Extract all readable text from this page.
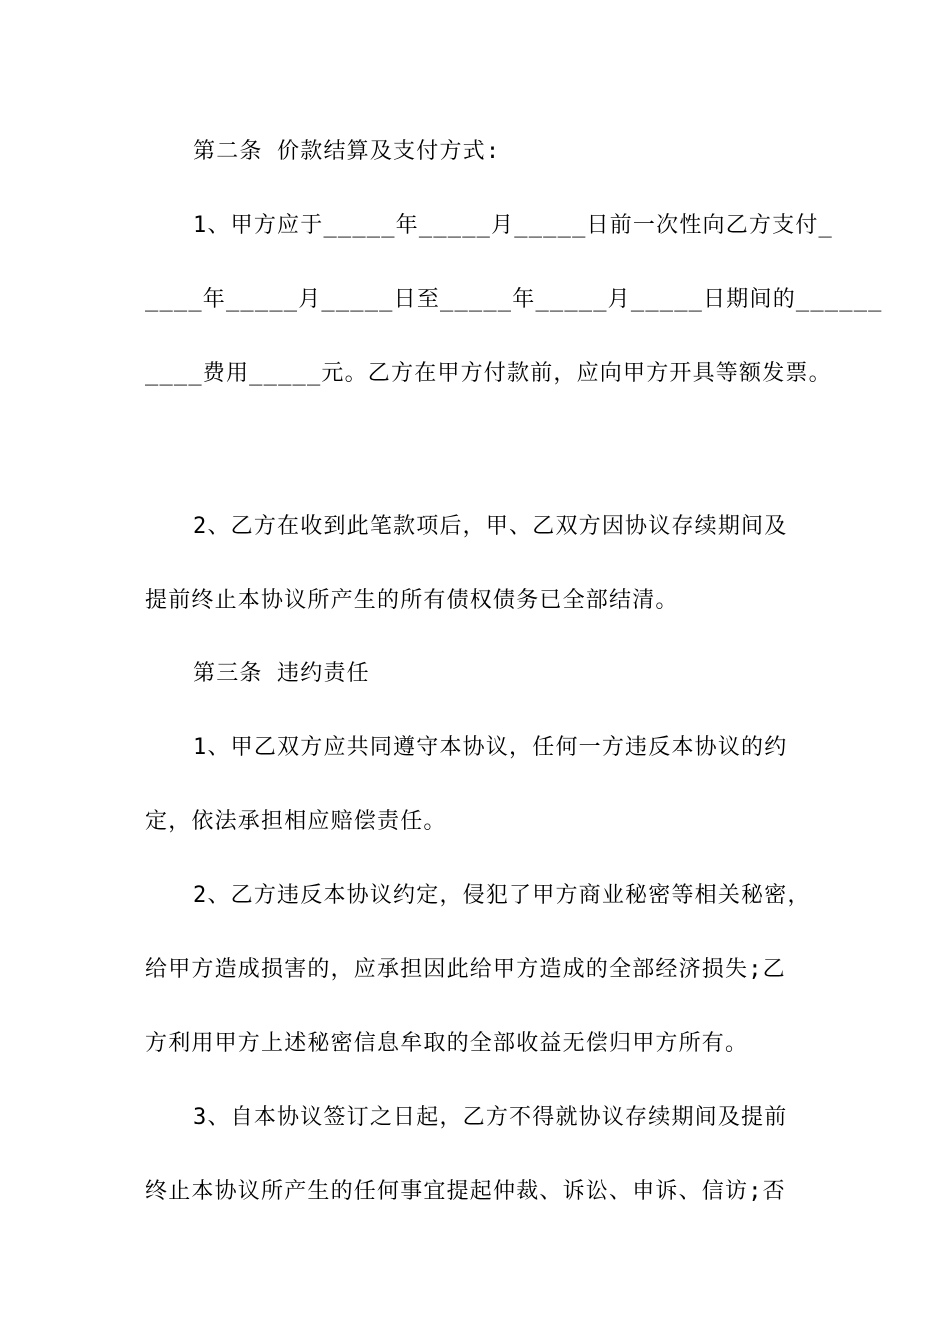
第二条 价款结算及支付方式:
1、甲方应于_____年_____月_____日前一次性向乙方支付_
____年_____月_____日至_____年_____月_____日期间的______
____费用_____元。乙方在甲方付款前，应向甲方开具等额发票。
2、乙方在收到此笔款项后，甲、乙双方因协议存续期间及
提前终止本协议所产生的所有债权债务已全部结清。
第三条 违约责任
1、甲乙双方应共同遵守本协议，任何一方违反本协议的约
定，依法承担相应赔偿责任。
2、乙方违反本协议约定，侵犯了甲方商业秘密等相关秘密，
给甲方造成损害的，应承担因此给甲方造成的全部经济损失;乙
方利用甲方上述秘密信息牟取的全部收益无偿归甲方所有。
3、自本协议签订之日起，乙方不得就协议存续期间及提前
终止本协议所产生的任何事宜提起仲裁、诉讼、申诉、信访;否
